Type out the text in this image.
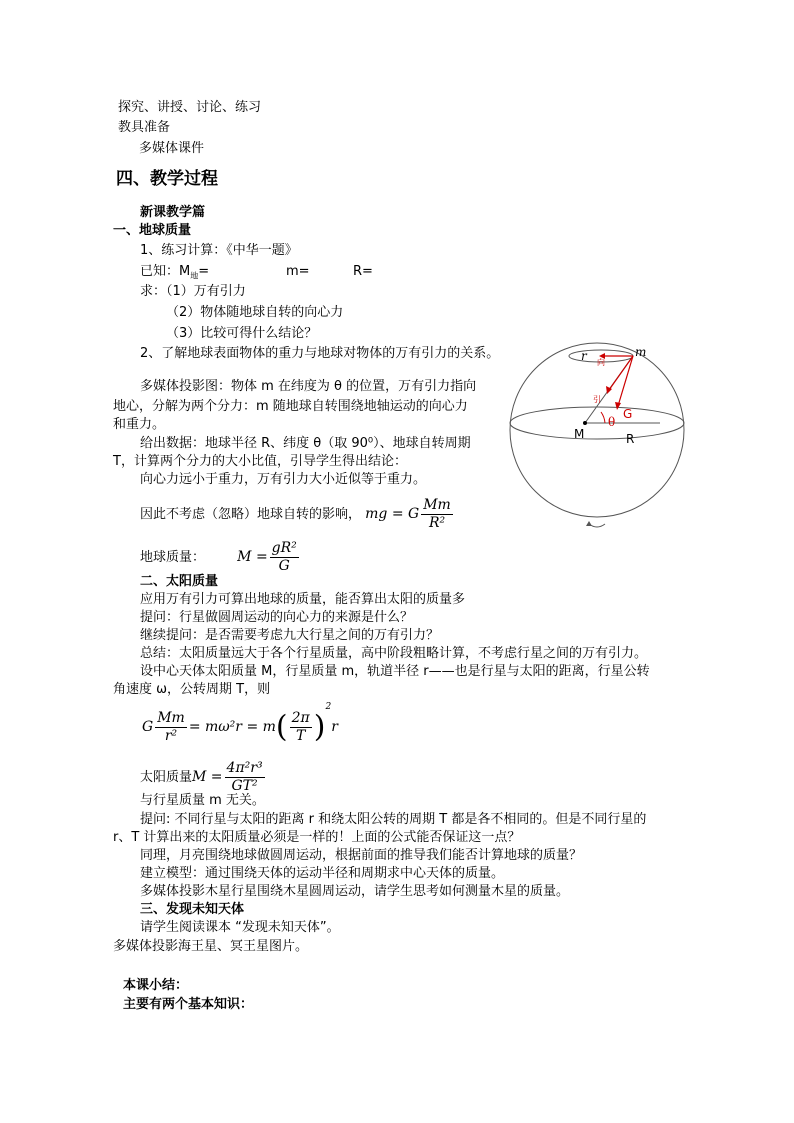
探究、讲授、讨论、练习
教具准备
多媒体课件
四、教学过程
新课教学篇
一、地球质量
1、练习计算：《中华一题》
已知：$M_地=$	m=	R=
求：（1）万有引力
（2）物体随地球自转的向心力
（3）比较可得什么结论？
2、了解地球表面物体的重力与地球对物体的万有引力的关系。
多媒体投影图：物体 m 在纬度为 θ 的位置，万有引力指向
地心，分解为两个分力：m 随地球自转围绕地轴运动的向心力
和重力。
给出数据：地球半径 R、纬度 θ（取 90⁰）、地球自转周期
T，计算两个分力的大小比值，引导学生得出结论：
向心力远小于重力，万有引力大小近似等于重力。
因此不考虑（忽略）地球自转的影响， mg = G $\frac{Mm}{\text{R²}}$
地球质量： $M = \frac{\text{gR²}}{G}$
二、太阳质量
应用万有引力可算出地球的质量，能否算出太阳的质量多
提问：行星做圆周运动的向心力的来源是什么？
继续提问：是否需要考虑九大行星之间的万有引力？
总结：太阳质量远大于各个行星质量，高中阶段粗略计算，不考虑行星之间的万有引力。
设中心天体太阳质量 M，行星质量 m，轨道半径 r——也是行星与太阳的距离，行星公转
角速度 ω，公转周期 T，则
G $\frac{Mm}{\text{r²}} = m\omega^2r = m( \frac{2\pi}{T} )^2r$
太阳质量$M = \frac{\text{4π²r³}}{\text{GT²}}$
与行星质量 m 无关。
提问: 不同行星与太阳的距离 r 和绕太阳公转的周期 T 都是各不相同的。但是不同行星的
r、T 计算出来的太阳质量必须是一样的！上面的公式能否保证这一点？
同理，月亮围绕地球做圆周运动，根据前面的推导我们能否计算地球的质量？
建立模型：通过围绕天体的运动半径和周期求中心天体的质量。
多媒体投影木星行星围绕木星圆周运动，请学生思考如何测量木星的质量。
三、发现未知天体
请学生阅读课本 “发现未知天体”。
多媒体投影海王星、冥王星图片。
本课小结：
主要有两个基本知识：
r	m
向
引
G
θ
M	R
